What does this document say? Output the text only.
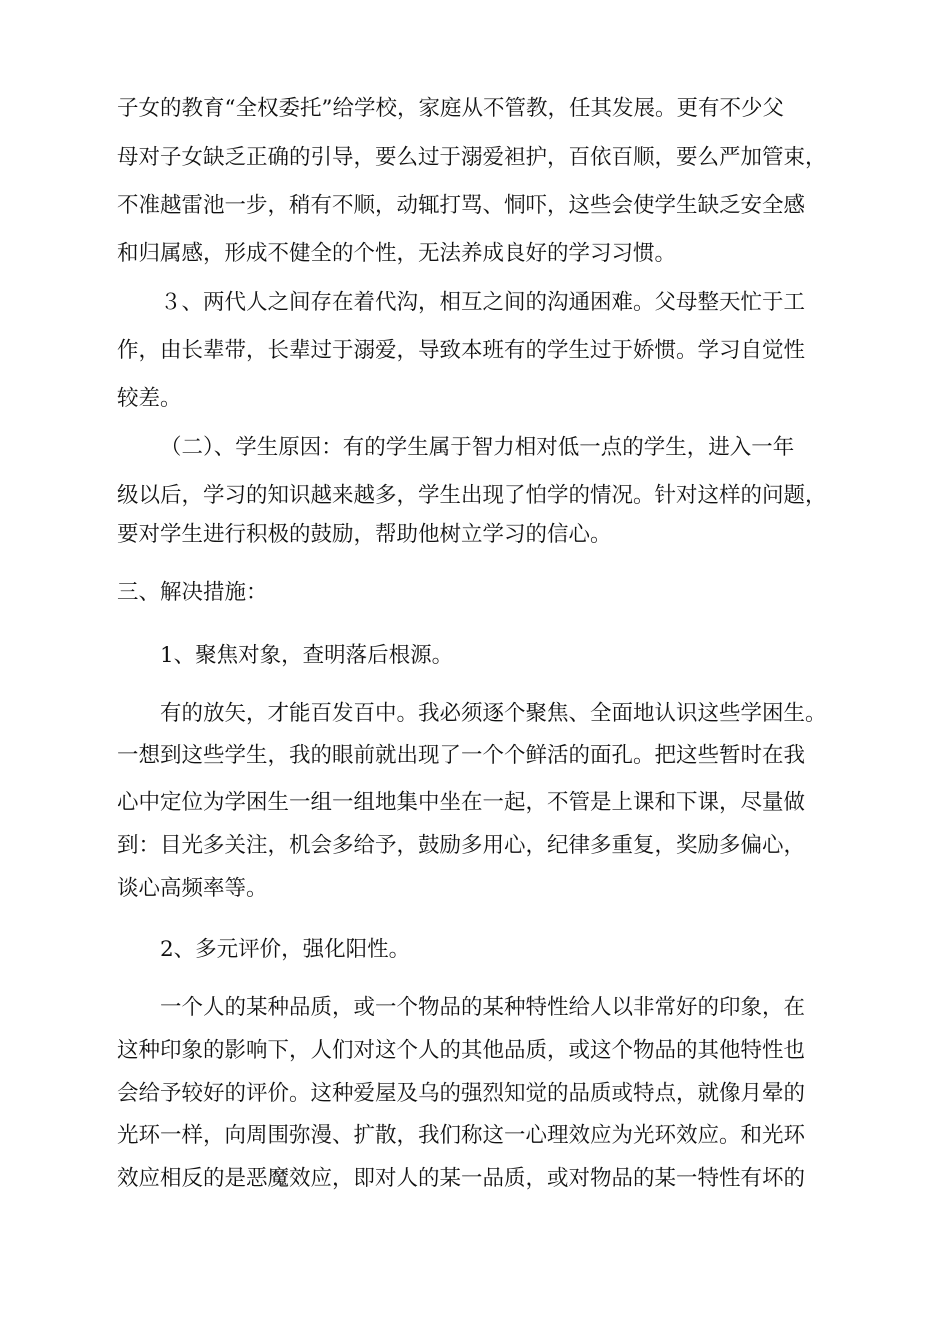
子女的教育“全权委托”给学校，家庭从不管教，任其发展。更有不少父
母对子女缺乏正确的引导，要么过于溺爱袒护，百依百顺，要么严加管束，
不准越雷池一步，稍有不顺，动辄打骂、恫吓，这些会使学生缺乏安全感
和归属感，形成不健全的个性，无法养成良好的学习习惯。
３、两代人之间存在着代沟，相互之间的沟通困难。父母整天忙于工
作，由长辈带，长辈过于溺爱，导致本班有的学生过于娇惯。学习自觉性
较差。
（二）、学生原因：有的学生属于智力相对低一点的学生，进入一年
级以后，学习的知识越来越多，学生出现了怕学的情况。针对这样的问题，
要对学生进行积极的鼓励，帮助他树立学习的信心。
三、解决措施：
1、聚焦对象，查明落后根源。
有的放矢，才能百发百中。我必须逐个聚焦、全面地认识这些学困生。
一想到这些学生，我的眼前就出现了一个个鲜活的面孔。把这些暂时在我
心中定位为学困生一组一组地集中坐在一起，不管是上课和下课，尽量做
到：目光多关注，机会多给予，鼓励多用心，纪律多重复，奖励多偏心，
谈心高频率等。
2、多元评价，强化阳性。
一个人的某种品质，或一个物品的某种特性给人以非常好的印象，在
这种印象的影响下，人们对这个人的其他品质，或这个物品的其他特性也
会给予较好的评价。这种爱屋及乌的强烈知觉的品质或特点，就像月晕的
光环一样，向周围弥漫、扩散，我们称这一心理效应为光环效应。和光环
效应相反的是恶魔效应，即对人的某一品质，或对物品的某一特性有坏的
